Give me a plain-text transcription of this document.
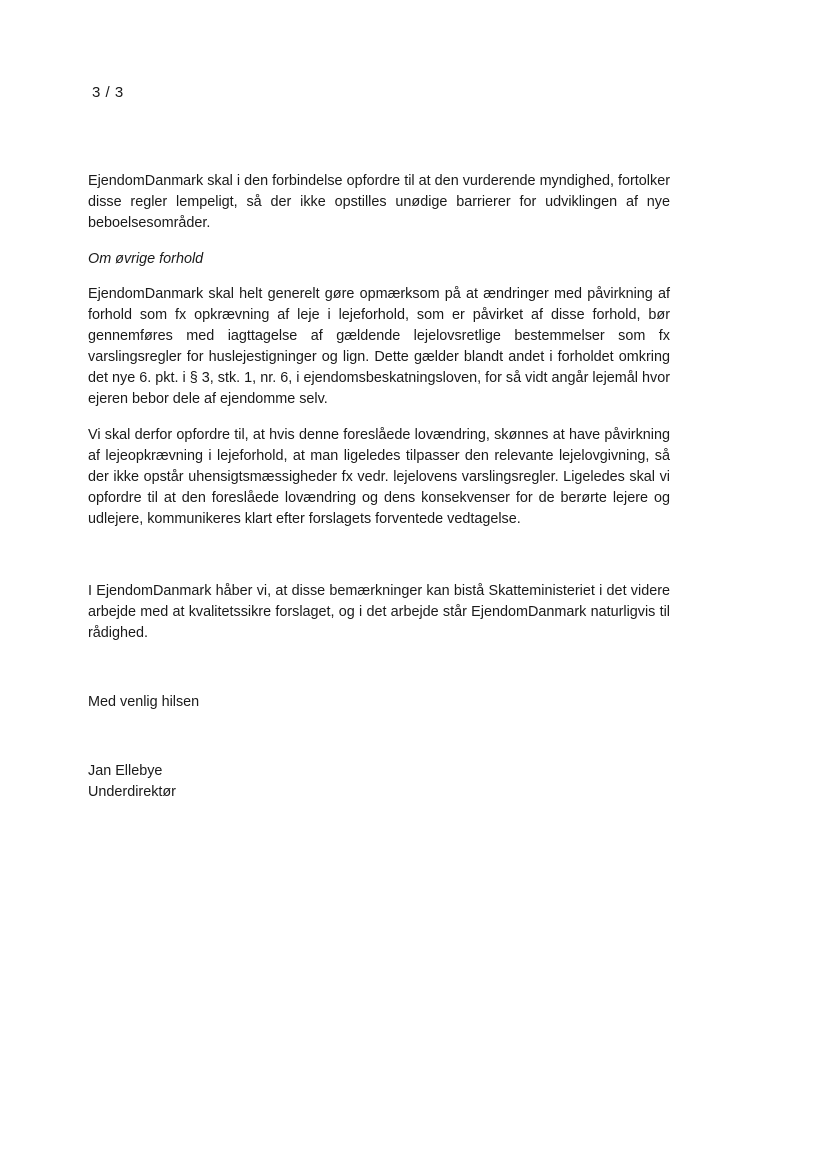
3 / 3

EjendomDanmark skal i den forbindelse opfordre til at den vurderende myndighed, fortolker disse regler lempeligt, så der ikke opstilles unødige barrierer for udviklingen af nye beboelsesområder.

Om øvrige forhold

EjendomDanmark skal helt generelt gøre opmærksom på at ændringer med påvirkning af forhold som fx opkrævning af leje i lejeforhold, som er påvirket af disse forhold, bør gennemføres med iagttagelse af gældende lejelovsretlige bestemmelser som fx varslingsregler for huslejestigninger og lign. Dette gælder blandt andet i forholdet omkring det nye 6. pkt. i § 3, stk. 1, nr. 6, i ejendomsbeskatningsloven, for så vidt angår lejemål hvor ejeren bebor dele af ejendomme selv.

Vi skal derfor opfordre til, at hvis denne foreslåede lovændring, skønnes at have påvirkning af lejeopkrævning i lejeforhold, at man ligeledes tilpasser den relevante lejelovgivning, så der ikke opstår uhensigtsmæssigheder fx vedr. lejelovens varslingsregler. Ligeledes skal vi opfordre til at den foreslåede lovændring og dens konsekvenser for de berørte lejere og udlejere, kommunikeres klart efter forslagets forventede vedtagelse.

I EjendomDanmark håber vi, at disse bemærkninger kan bistå Skatteministeriet i det videre arbejde med at kvalitetssikre forslaget, og i det arbejde står EjendomDanmark naturligvis til rådighed.

Med venlig hilsen

Jan Ellebye
Underdirektør
